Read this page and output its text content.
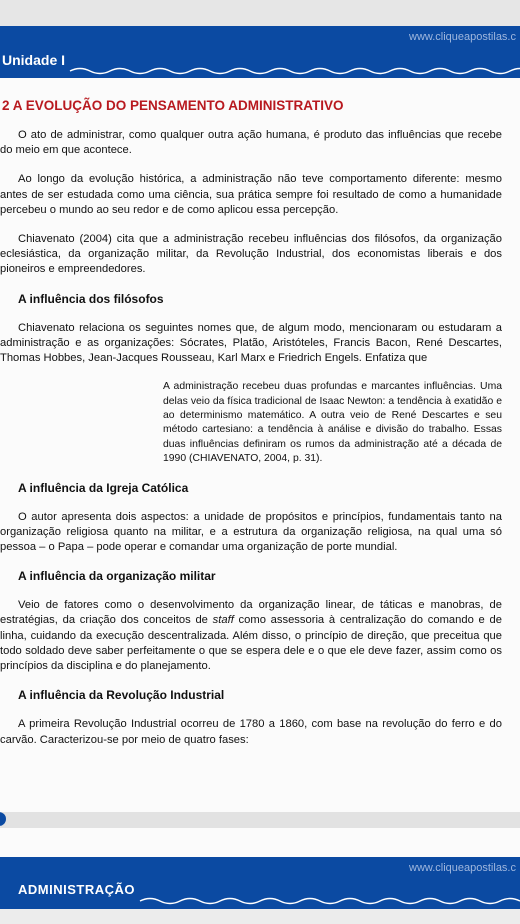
www.cliqueapostilas.c
Unidade I
2 A EVOLUÇÃO DO PENSAMENTO ADMINISTRATIVO

O ato de administrar, como qualquer outra ação humana, é produto das influências que recebe do meio em que acontece.

Ao longo da evolução histórica, a administração não teve comportamento diferente: mesmo antes de ser estudada como uma ciência, sua prática sempre foi resultado de como a humanidade percebeu o mundo ao seu redor e de como aplicou essa percepção.

Chiavenato (2004) cita que a administração recebeu influências dos filósofos, da organização eclesiástica, da organização militar, da Revolução Industrial, dos economistas liberais e dos pioneiros e empreendedores.

A influência dos filósofos

Chiavenato relaciona os seguintes nomes que, de algum modo, mencionaram ou estudaram a administração e as organizações: Sócrates, Platão, Aristóteles, Francis Bacon, René Descartes, Thomas Hobbes, Jean-Jacques Rousseau, Karl Marx e Friedrich Engels. Enfatiza que

A administração recebeu duas profundas e marcantes influências. Uma delas veio da física tradicional de Isaac Newton: a tendência à exatidão e ao determinismo matemático. A outra veio de René Descartes e seu método cartesiano: a tendência à análise e divisão do trabalho. Essas duas influências definiram os rumos da administração até a década de 1990 (CHIAVENATO, 2004, p. 31).
A influência da Igreja Católica

O autor apresenta dois aspectos: a unidade de propósitos e princípios, fundamentais tanto na organização religiosa quanto na militar, e a estrutura da organização religiosa, na qual uma só pessoa – o Papa – pode operar e comandar uma organização de porte mundial.

A influência da organização militar

Veio de fatores como o desenvolvimento da organização linear, de táticas e manobras, de estratégias, da criação dos conceitos de staff como assessoria à centralização do comando e de linha, cuidando da execução descentralizada. Além disso, o princípio de direção, que preceitua que todo soldado deve saber perfeitamente o que se espera dele e o que ele deve fazer, assim como os princípios da disciplina e do planejamento.

A influência da Revolução Industrial

A primeira Revolução Industrial ocorreu de 1780 a 1860, com base na revolução do ferro e do carvão. Caracterizou-se por meio de quatro fases:

www.cliqueapostilas.c
ADMINISTRAÇÃO
